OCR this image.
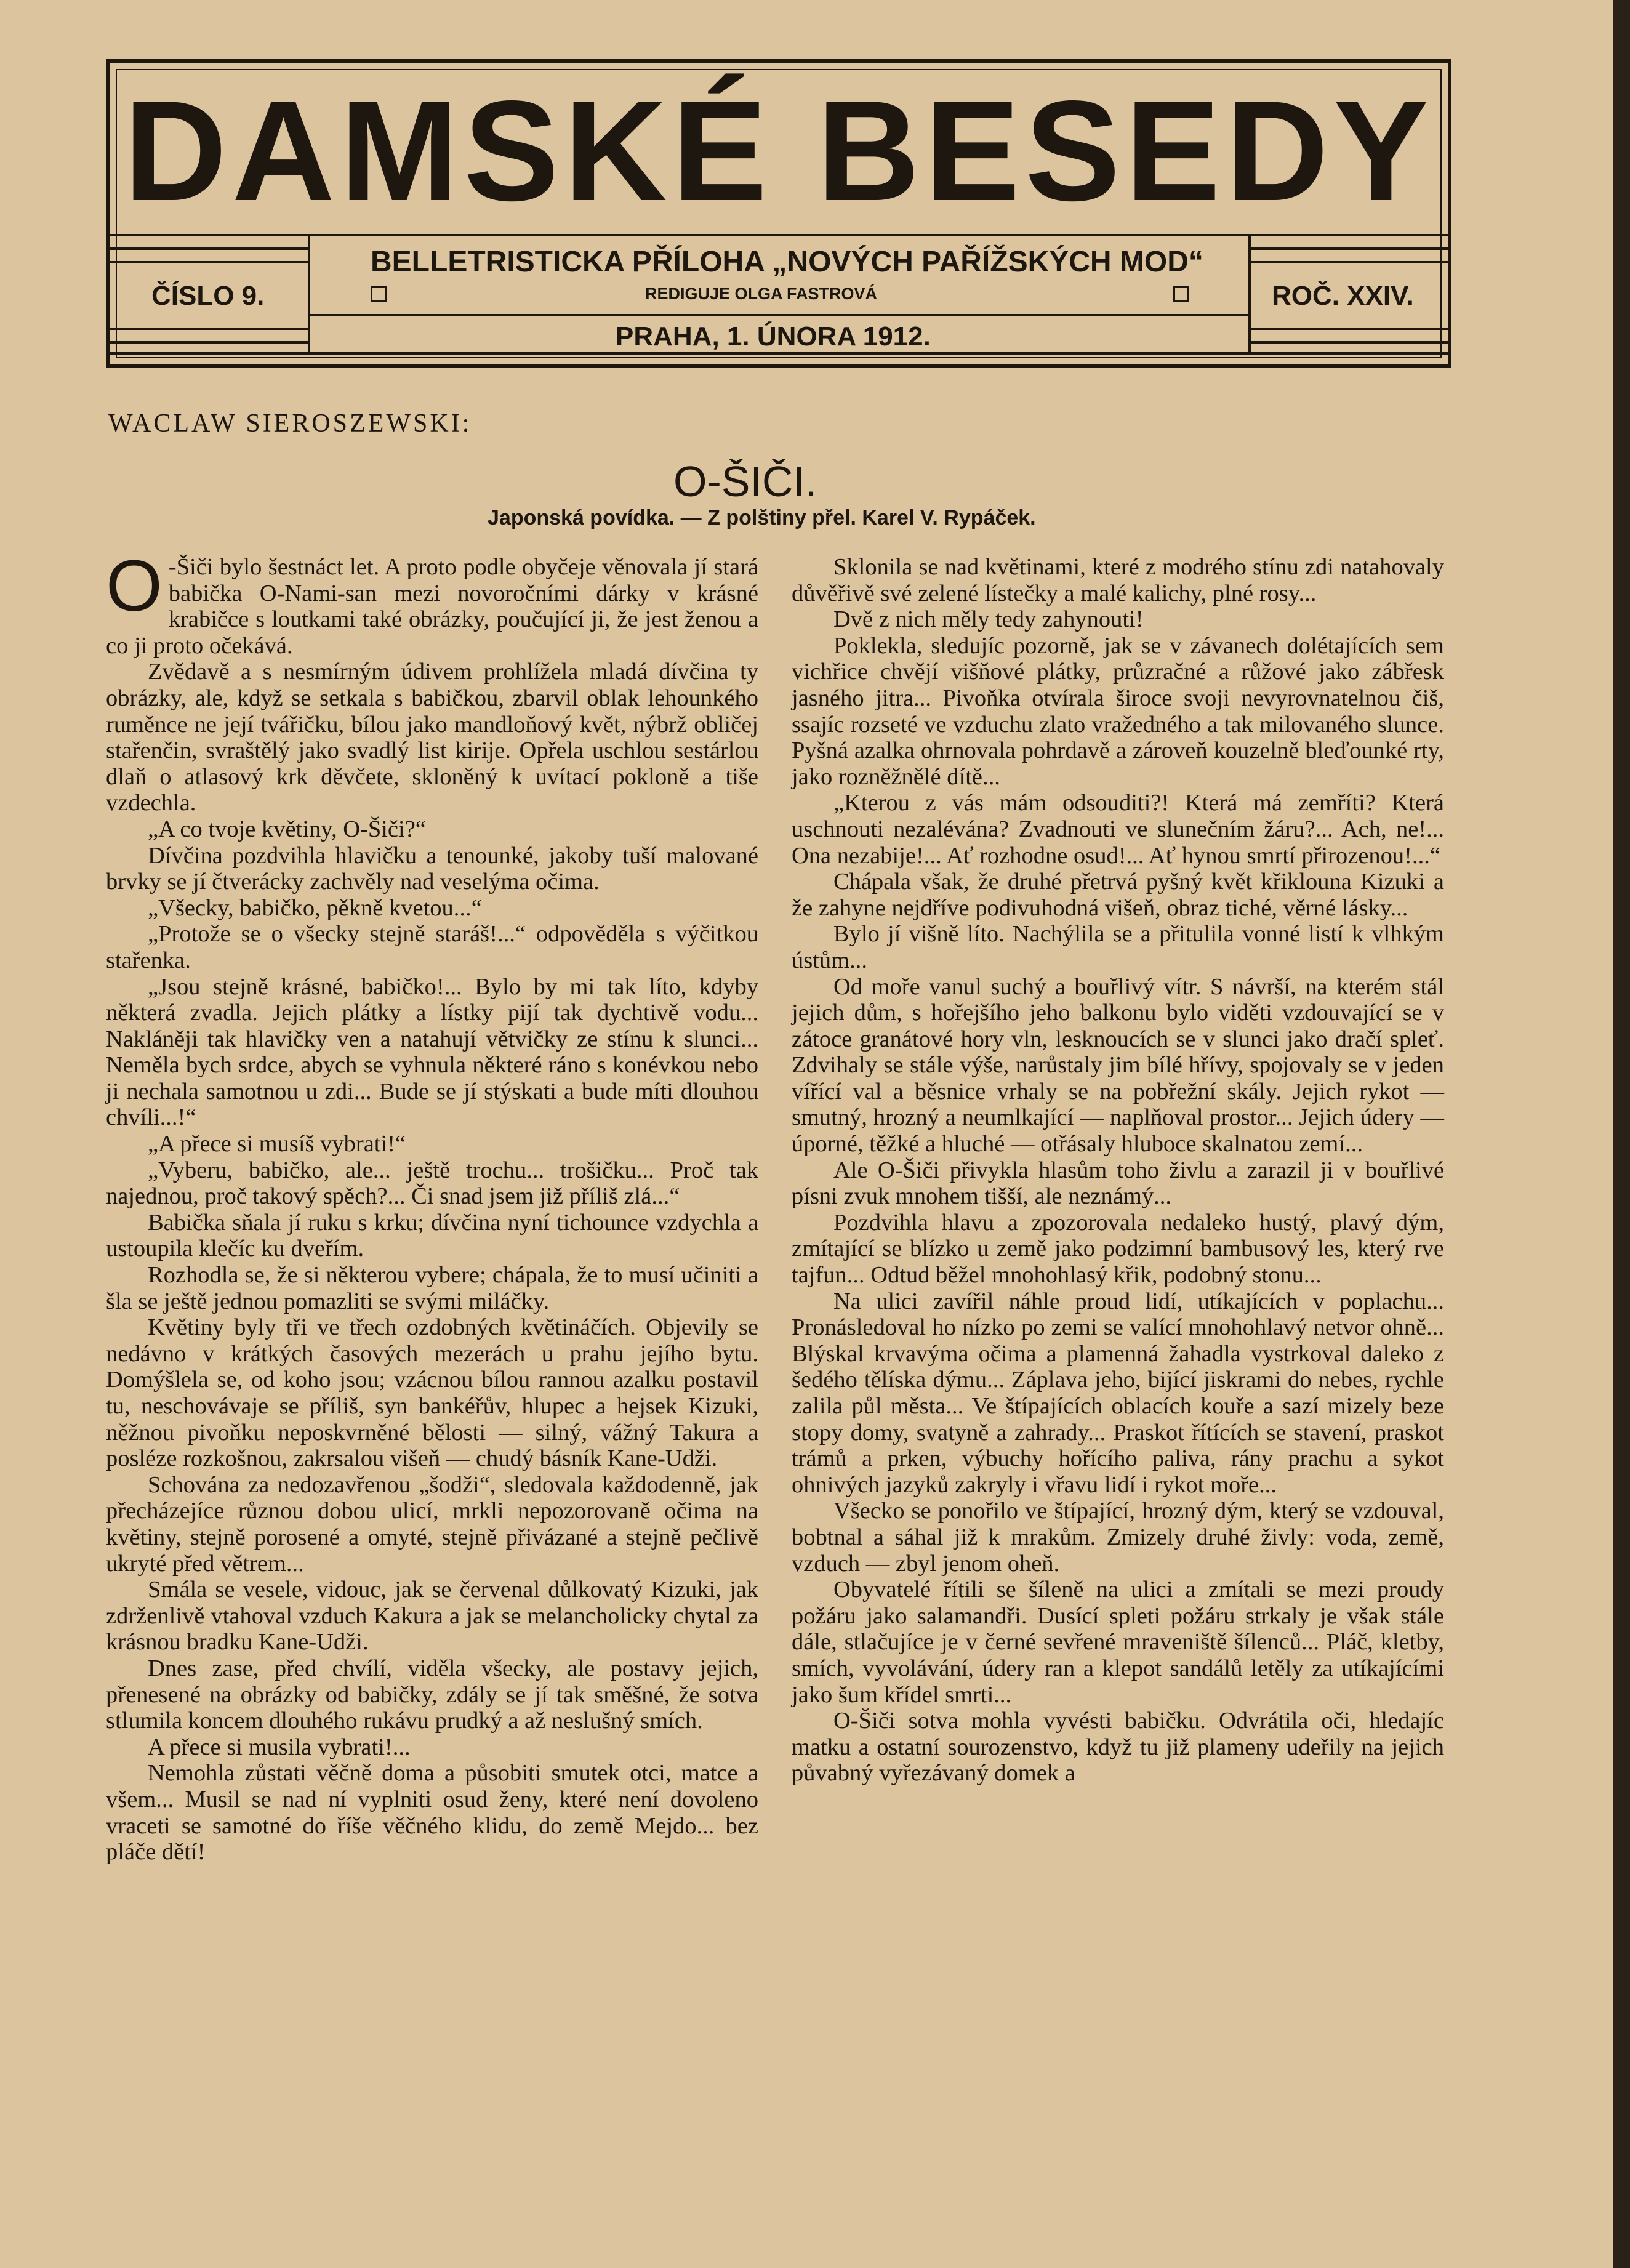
DAMSKÉ BESEDY
BELLETRISTICKA PŘÍLOHA „NOVÝCH PAŘÍŽSKÝCH MOD“
REDIGUJE OLGA FASTROVÁ
ČÍSLO 9.	ROČ. XXIV.
PRAHA, 1. ÚNORA 1912.
WACLAW SIEROSZEWSKI:
O-ŠIČI.
Japonská povídka. — Z polštiny přel. Karel V. Rypáček.

O -Šiči bylo šestnáct let. A proto podle obyčeje věnovala jí stará babička O-Nami-san mezi novoročními dárky v krásné krabičce s loutkami také obrázky, poučující ji, že jest ženou a co ji proto očekává.

Zvědavě a s nesmírným údivem prohlížela mladá dívčina ty obrázky, ale, když se setkala s babičkou, zbarvil oblak lehounkého ruměnce ne její tvářičku, bílou jako mandloňový květ, nýbrž obličej stařenčin, svraštělý jako svadlý list kirije. Opřela uschlou sestárlou dlaň o atlasový krk děvčete, skloněný k uvítací pokloně a tiše vzdechla.

„A co tvoje květiny, O-Šiči?“

Dívčina pozdvihla hlavičku a tenounké, jakoby tuší malované brvky se jí čtverácky zachvěly nad veselýma očima.

„Všecky, babičko, pěkně kvetou...“

„Protože se o všecky stejně staráš!...“ odpověděla s výčitkou stařenka.

„Jsou stejně krásné, babičko!... Bylo by mi tak líto, kdyby některá zvadla. Jejich plátky a lístky pijí tak dychtivě vodu... Nakláněji tak hlavičky ven a natahují větvičky ze stínu k slunci... Neměla bych srdce, abych se vyhnula některé ráno s konévkou nebo ji nechala samotnou u zdi... Bude se jí stýskati a bude míti dlouhou chvíli...!“

„A přece si musíš vybrati!“

„Vyberu, babičko, ale... ještě trochu... trošičku... Proč tak najednou, proč takový spěch?... Či snad jsem již příliš zlá...“

Babička sňala jí ruku s krku; dívčina nyní tichounce vzdychla a ustoupila klečíc ku dveřím.

Rozhodla se, že si některou vybere; chápala, že to musí učiniti a šla se ještě jednou pomazliti se svými miláčky.

Květiny byly tři ve třech ozdobných květináčích. Objevily se nedávno v krátkých časových mezerách u prahu jejího bytu. Domýšlela se, od koho jsou; vzácnou bílou rannou azalku postavil tu, neschovávaje se příliš, syn bankéřův, hlupec a hejsek Kizuki, něžnou pivoňku neposkvrněné bělosti — silný, vážný Takura a posléze rozkošnou, zakrsalou višeň — chudý básník Kane-Udži.

Schována za nedozavřenou „šodži“, sledovala každodenně, jak přecházejíce různou dobou ulicí, mrkli nepozorovaně očima na květiny, stejně porosené a omyté, stejně přivázané a stejně pečlivě ukryté před větrem...

Smála se vesele, vidouc, jak se červenal důlkovatý Kizuki, jak zdrženlivě vtahoval vzduch Kakura a jak se melancholicky chytal za krásnou bradku Kane-Udži.

Dnes zase, před chvílí, viděla všecky, ale postavy jejich, přenesené na obrázky od babičky, zdály se jí tak směšné, že sotva stlumila koncem dlouhého rukávu prudký a až neslušný smích.

A přece si musila vybrati!...

Nemohla zůstati věčně doma a působiti smutek otci, matce a všem... Musil se nad ní vyplniti osud ženy, které není dovoleno vraceti se samotné do říše věčného klidu, do země Mejdo... bez pláče dětí!

Sklonila se nad květinami, které z modrého stínu zdi natahovaly důvěřivě své zelené lístečky a malé kalichy, plné rosy...

Dvě z nich měly tedy zahynouti!

Poklekla, sledujíc pozorně, jak se v závanech dolétajících sem vichřice chvějí višňové plátky, průzračné a růžové jako zábřesk jasného jitra... Pivoňka otvírala široce svoji nevyrovnatelnou čiš, ssajíc rozseté ve vzduchu zlato vražedného a tak milovaného slunce. Pyšná azalka ohrnovala pohrdavě a zároveň kouzelně bleďounké rty, jako rozněžnělé dítě...

„Kterou z vás mám odsouditi?! Která má zemříti? Která uschnouti nezalévána? Zvadnouti ve slunečním žáru?... Ach, ne!... Ona nezabije!... Ať rozhodne osud!... Ať hynou smrtí přirozenou!...“

Chápala však, že druhé přetrvá pyšný květ křiklouna Kizuki a že zahyne nejdříve podivuhodná višeň, obraz tiché, věrné lásky...

Bylo jí višně líto. Nachýlila se a přitulila vonné listí k vlhkým ústům...

Od moře vanul suchý a bouřlivý vítr. S návrší, na kterém stál jejich dům, s hořejšího jeho balkonu bylo viděti vzdouvající se v zátoce granátové hory vln, lesknoucích se v slunci jako dračí spleť. Zdvihaly se stále výše, narůstaly jim bílé hřívy, spojovaly se v jeden vířící val a běsnice vrhaly se na pobřežní skály. Jejich rykot — smutný, hrozný a neumlkající — naplňoval prostor... Jejich údery — úporné, těžké a hluché — otřásaly hluboce skalnatou zemí...

Ale O-Šiči přivykla hlasům toho živlu a zarazil ji v bouřlivé písni zvuk mnohem tišší, ale neznámý...

Pozdvihla hlavu a zpozorovala nedaleko hustý, plavý dým, zmítající se blízko u země jako podzimní bambusový les, který rve tajfun... Odtud běžel mnohohlasý křik, podobný stonu...

Na ulici zavířil náhle proud lidí, utíkajících v poplachu... Pronásledoval ho nízko po zemi se valící mnohohlavý netvor ohně... Blýskal krvavýma očima a plamenná žahadla vystrkoval daleko z šedého tělíska dýmu... Záplava jeho, bijící jiskrami do nebes, rychle zalila půl města... Ve štípajících oblacích kouře a sazí mizely beze stopy domy, svatyně a zahrady... Praskot řítících se stavení, praskot trámů a prken, výbuchy hořícího paliva, rány prachu a sykot ohnivých jazyků zakryly i vřavu lidí i rykot moře...

Všecko se ponořilo ve štípající, hrozný dým, který se vzdouval, bobtnal a sáhal již k mrakům. Zmizely druhé živly: voda, země, vzduch — zbyl jenom oheň.

Obyvatelé řítili se šíleně na ulici a zmítali se mezi proudy požáru jako salamandři. Dusící spleti požáru strkaly je však stále dále, stlačujíce je v černé sevřené mraveniště šílenců... Pláč, kletby, smích, vyvolávání, údery ran a klepot sandálů letěly za utíkajícími jako šum křídel smrti...

O-Šiči sotva mohla vyvésti babičku. Odvrátila oči, hledajíc matku a ostatní sourozenstvo, když tu již plameny udeřily na jejich půvabný vyřezávaný domek a
